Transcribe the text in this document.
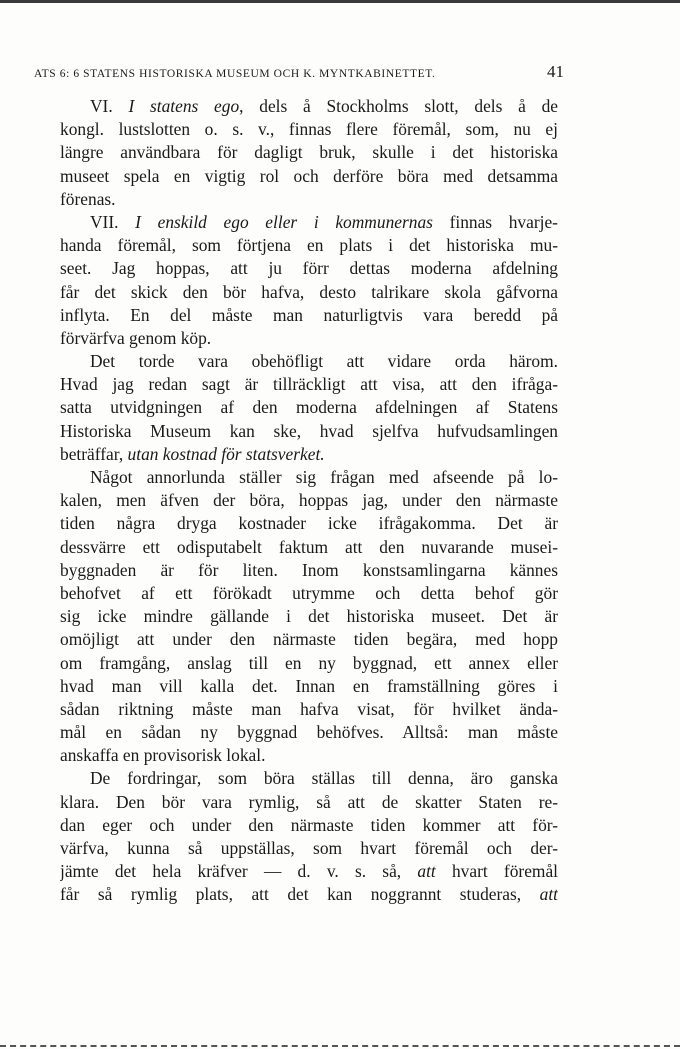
ATS 6: 6 STATENS HISTORISKA MUSEUM OCH K. MYNTKABINETTET.	41
VI. I statens ego, dels å Stockholms slott, dels å de
kongl. lustslotten o. s. v., finnas flere föremål, som, nu ej
längre användbara för dagligt bruk, skulle i det historiska
museet spela en vigtig rol och derföre böra med detsamma
förenas.
VII. I enskild ego eller i kommunernas finnas hvarje-
handa föremål, som förtjena en plats i det historiska mu-
seet. Jag hoppas, att ju förr dettas moderna afdelning
får det skick den bör hafva, desto talrikare skola gåfvorna
inflyta. En del måste man naturligtvis vara beredd på
förvärfva genom köp.
Det torde vara obehöfligt att vidare orda härom.
Hvad jag redan sagt är tillräckligt att visa, att den ifråga-
satta utvidgningen af den moderna afdelningen af Statens
Historiska Museum kan ske, hvad sjelfva hufvudsamlingen
beträffar, utan kostnad för statsverket.
Något annorlunda ställer sig frågan med afseende på lo-
kalen, men äfven der böra, hoppas jag, under den närmaste
tiden några dryga kostnader icke ifrågakomma. Det är
dessvärre ett odisputabelt faktum att den nuvarande musei-
byggnaden är för liten. Inom konstsamlingarna kännes
behofvet af ett förökadt utrymme och detta behof gör
sig icke mindre gällande i det historiska museet. Det är
omöjligt att under den närmaste tiden begära, med hopp
om framgång, anslag till en ny byggnad, ett annex eller
hvad man vill kalla det. Innan en framställning göres i
sådan riktning måste man hafva visat, för hvilket ända-
mål en sådan ny byggnad behöfves. Alltså: man måste
anskaffa en provisorisk lokal.
De fordringar, som böra ställas till denna, äro ganska
klara. Den bör vara rymlig, så att de skatter Staten re-
dan eger och under den närmaste tiden kommer att för-
värfva, kunna så uppställas, som hvart föremål och der-
jämte det hela kräfver — d. v. s. så, att hvart föremål
får så rymlig plats, att det kan noggrannt studeras, att
